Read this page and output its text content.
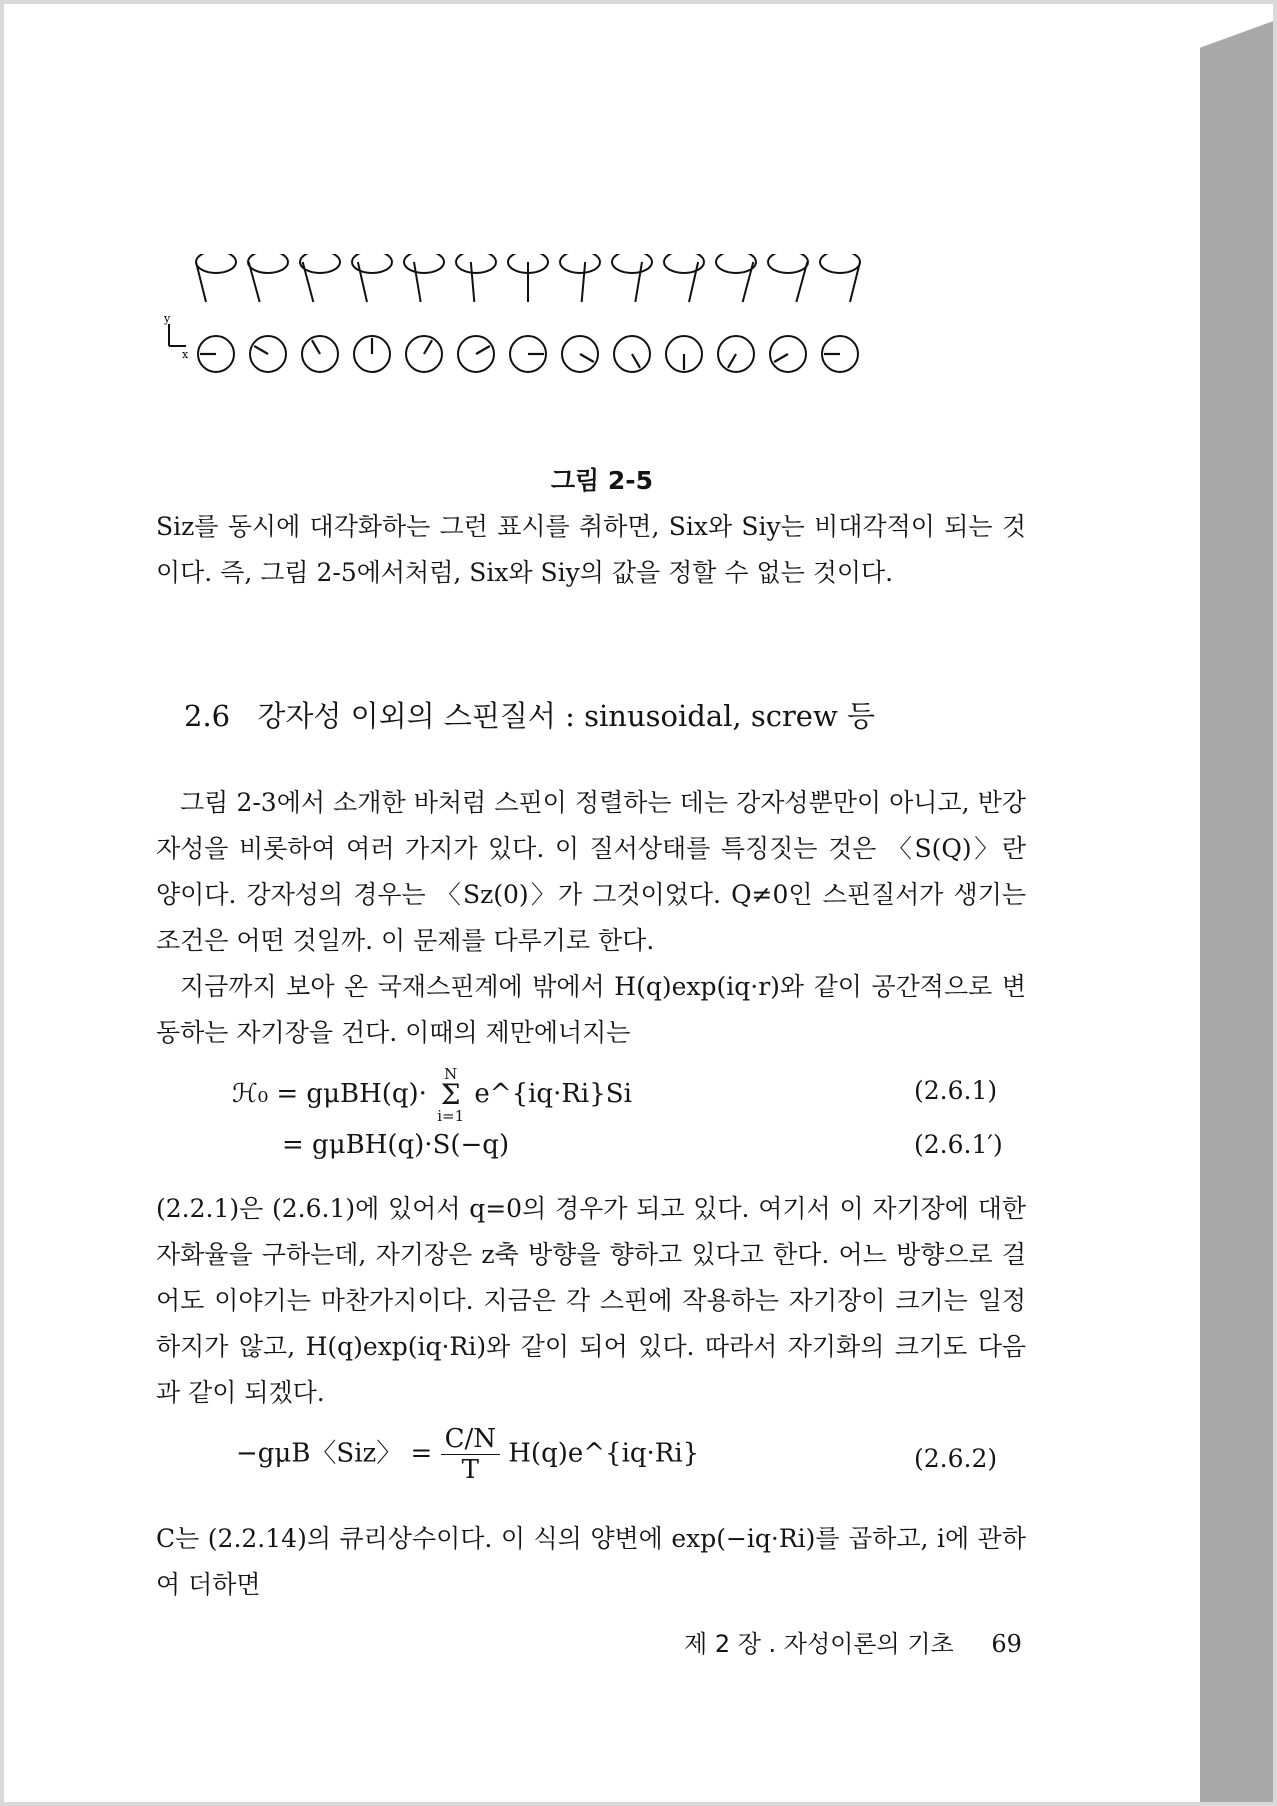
y
x
그림 2-5
Siz를 동시에 대각화하는 그런 표시를 취하면, Six와 Siy는 비대각적이 되는 것이다. 즉, 그림 2-5에서처럼, Six와 Siy의 값을 정할 수 없는 것이다.
2.6 강자성 이외의 스핀질서 : sinusoidal, screw 등
그림 2-3에서 소개한 바처럼 스핀이 정렬하는 데는 강자성뿐만이 아니고, 반강자성을 비롯하여 여러 가지가 있다. 이 질서상태를 특징짓는 것은 〈S(Q)〉란 양이다. 강자성의 경우는 〈Sz(0)〉가 그것이었다. Q≠0인 스핀질서가 생기는 조건은 어떤 것일까. 이 문제를 다루기로 한다.
지금까지 보아 온 국재스핀계에 밖에서 H(q)exp(iq·r)와 같이 공간적으로 변동하는 자기장을 건다. 이때의 제만에너지는
ℋ₀ = gμBH(q)·
N
Σ
i=1
e^{iq·Ri}Si	(2.6.1)
= gμBH(q)·S(−q)	(2.6.1′)
(2.2.1)은 (2.6.1)에 있어서 q=0의 경우가 되고 있다. 여기서 이 자기장에 대한 자화율을 구하는데, 자기장은 z축 방향을 향하고 있다고 한다. 어느 방향으로 걸어도 이야기는 마찬가지이다. 지금은 각 스핀에 작용하는 자기장이 크기는 일정하지가 않고, H(q)exp(iq·Ri)와 같이 되어 있다. 따라서 자기화의 크기도 다음과 같이 되겠다.
−gμB〈Siz〉 = $\frac{C/N}{T}$ H(q)e^{iq·Ri}	(2.6.2)
C는 (2.2.14)의 큐리상수이다. 이 식의 양변에 exp(−iq·Ri)를 곱하고, i에 관하여 더하면
제 2 장 . 자성이론의 기초 69
